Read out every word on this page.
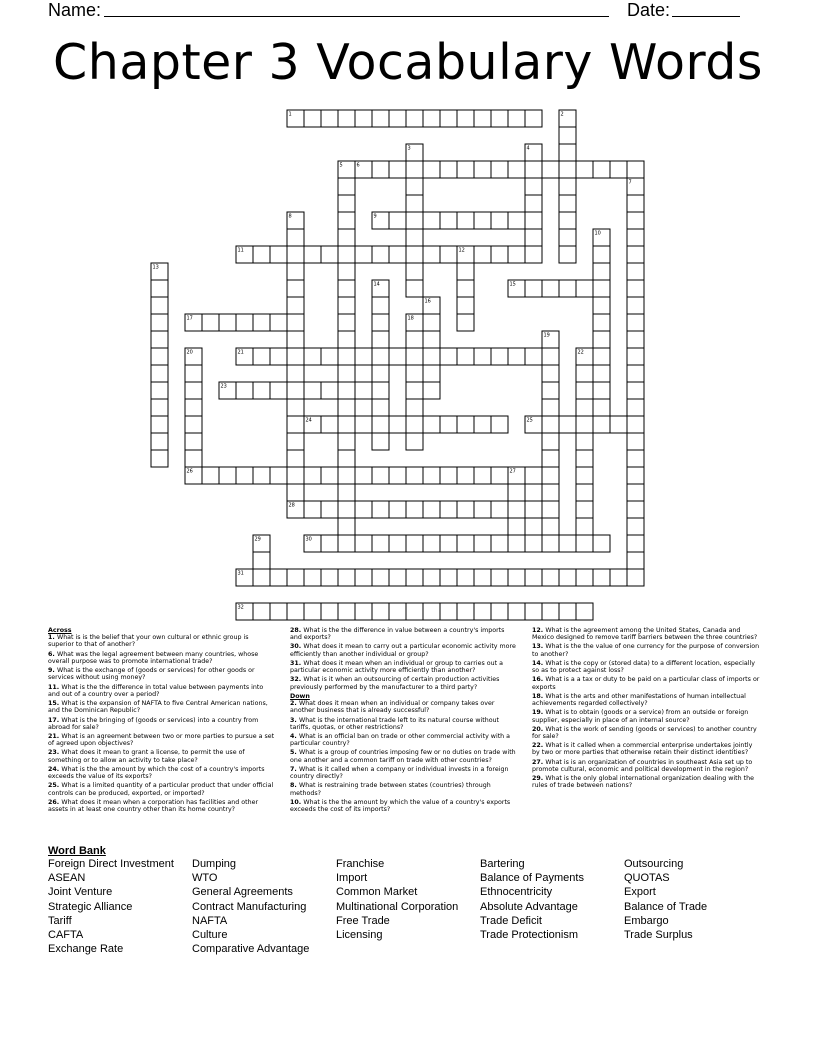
Name:	Date:
Chapter 3 Vocabulary Words
1	2
3	4
5	6
7
8	9
10
11	12
13
14	15
16
17	18
19
20	21	22
23
24	25
26	27
28
29	30
31
32
Across
1. What is is the belief that your own cultural or ethnic group is superior to that of another?
6. What was the legal agreement between many countries, whose overall purpose was to promote international trade?
9. What is the exchange of (goods or services) for other goods or services without using money?
11. What is the the difference in total value between payments into and out of a country over a period?
15. What is the expansion of NAFTA to five Central American nations, and the Dominican Republic?
17. What is the bringing of (goods or services) into a country from abroad for sale?
21. What is an agreement between two or more parties to pursue a set of agreed upon objectives?
23. What does it mean to grant a license, to permit the use of something or to allow an activity to take place?
24. What is the the amount by which the cost of a country's imports exceeds the value of its exports?
25. What is a limited quantity of a particular product that under official controls can be produced, exported, or imported?
26. What does it mean when a corporation has facilities and other assets in at least one country other than its home country?
28. What is the the difference in value between a country's imports and exports?
30. What does it mean to carry out a particular economic activity more efficiently than another individual or group?
31. What does it mean when an individual or group to carries out a particular economic activity more efficiently than another?
32. What is it when an outsourcing of certain production activities previously performed by the manufacturer to a third party?
Down
2. What does it mean when an individual or company takes over another business that is already successful?
3. What is the international trade left to its natural course without tariffs, quotas, or other restrictions?
4. What is an official ban on trade or other commercial activity with a particular country?
5. What is a group of countries imposing few or no duties on trade with one another and a common tariff on trade with other countries?
7. What is it called when a company or individual invests in a foreign country directly?
8. What is restraining trade between states (countries) through methods?
10. What is the the amount by which the value of a country's exports exceeds the cost of its imports?
12. What is the agreement among the United States, Canada and Mexico designed to remove tariff barriers between the three countries?
13. What is the the value of one currency for the purpose of conversion to another?
14. What is the copy or (stored data) to a different location, especially so as to protect against loss?
16. What is a a tax or duty to be paid on a particular class of imports or exports
18. What is the arts and other manifestations of human intellectual achievements regarded collectively?
19. What is to obtain (goods or a service) from an outside or foreign supplier, especially in place of an internal source?
20. What is the work of sending (goods or services) to another country for sale?
22. What is it called when a commercial enterprise undertakes jointly by two or more parties that otherwise retain their distinct identities?
27. What is is an organization of countries in southeast Asia set up to promote cultural, economic and political development in the region?
29. What is the only global international organization dealing with the rules of trade between nations?
Word Bank
Foreign Direct Investment
ASEAN
Joint Venture
Strategic Alliance
Tariff
CAFTA
Exchange Rate
Dumping
WTO
General Agreements
Contract Manufacturing
NAFTA
Culture
Comparative Advantage
Franchise
Import
Common Market
Multinational Corporation
Free Trade
Licensing
Bartering
Balance of Payments
Ethnocentricity
Absolute Advantage
Trade Deficit
Trade Protectionism
Outsourcing
QUOTAS
Export
Balance of Trade
Embargo
Trade Surplus
